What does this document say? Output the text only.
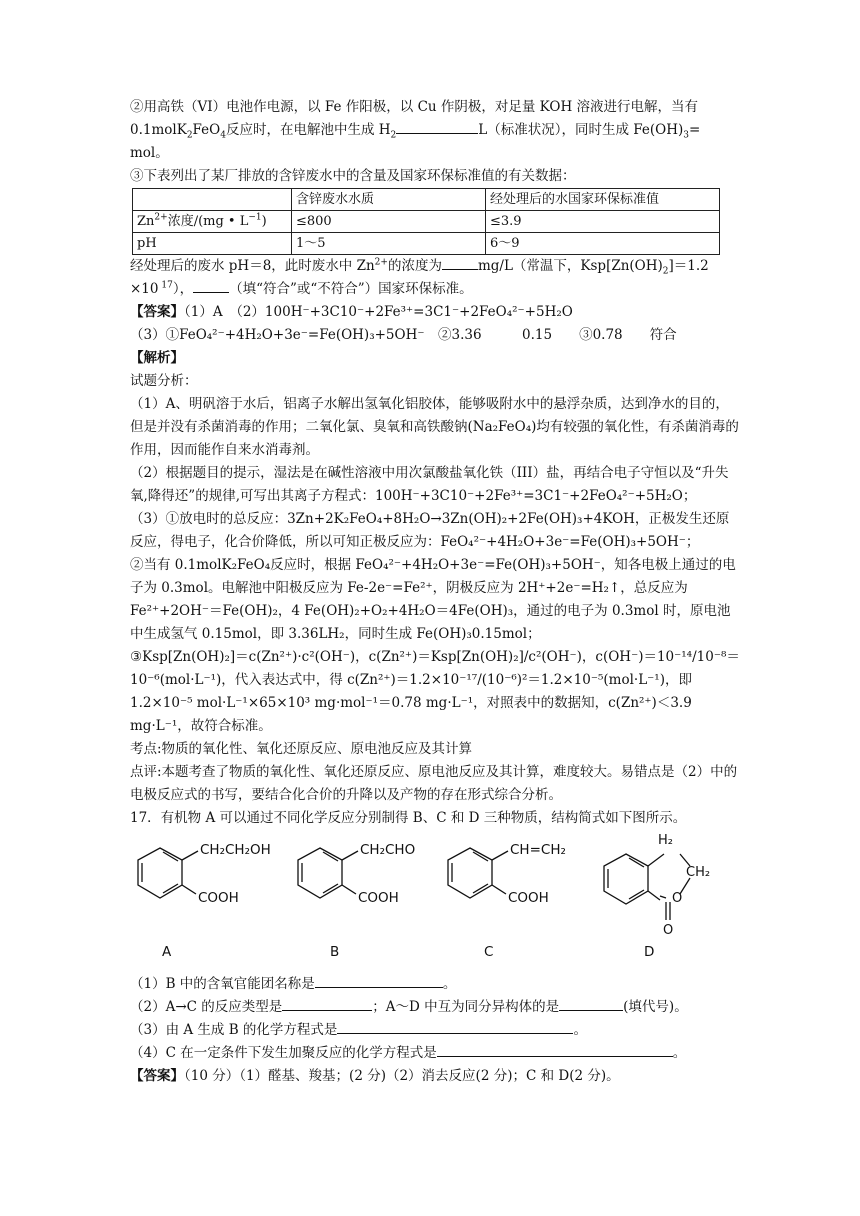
②用高铁（VI）电池作电源，以 Fe 作阳极，以 Cu 作阴极，对足量 KOH 溶液进行电解，当有
0.1molK$_2$FeO$_4$反应时，在电解池中生成 $H_2$	L（标准状况），同时生成 $Fe(OH)_3=$
mol。
③下表列出了某厂排放的含锌废水中的含量及国家环保标准值的有关数据：
	含锌废水水质	经处理后的水国家环保标准值
$Zn^{2+}$浓度/(mg • $L^{-1}$)	≤800	≤3.9
pH	1～5	6～9
经处理后的废水 pH＝8，此时废水中 $Zn^{2+}$的浓度为	mg/L（常温下，$Ksp[Zn(OH)_2]=1.2$
×10 $^{17}$），	（填“符合”或“不符合”）国家环保标准。
【答案】（1）A　（2）100H⁻+3C10⁻+2Fe³⁺=3C1⁻+2FeO₄²⁻+5H₂O
（3）①FeO₄²⁻+4H₂O+3e⁻=Fe(OH)₃+5OH⁻　②3.36　　　0.15　　③0.78　　符合
【解析】
试题分析：
（1）A、明矾溶于水后，铝离子水解出氢氧化铝胶体，能够吸附水中的悬浮杂质，达到净水的目的，但是并没有杀菌消毒的作用；二氧化氯、臭氧和高铁酸钠(Na₂FeO₄)均有较强的氧化性，有杀菌消毒的作用，因而能作自来水消毒剂。
（2）根据题目的提示，湿法是在碱性溶液中用次氯酸盐氧化铁（III）盐，再结合电子守恒以及“升失氧,降得还”的规律,可写出其离子方程式：100H⁻+3C10⁻+2Fe³⁺=3C1⁻+2FeO₄²⁻+5H₂O；
（3）①放电时的总反应：3Zn+2K₂FeO₄+8H₂O→3Zn(OH)₂+2Fe(OH)₃+4KOH，正极发生还原反应，得电子，化合价降低，所以可知正极反应为：FeO₄²⁻+4H₂O+3e⁻=Fe(OH)₃+5OH⁻；
②当有 0.1molK₂FeO₄反应时，根据 FeO₄²⁻+4H₂O+3e⁻=Fe(OH)₃+5OH⁻，知各电极上通过的电子为 0.3mol。电解池中阳极反应为 Fe-2e⁻=Fe²⁺，阴极反应为 2H⁺+2e⁻=H₂↑，总反应为 Fe²⁺+2OH⁻＝Fe(OH)₂，4 Fe(OH)₂+O₂+4H₂O＝4Fe(OH)₃，通过的电子为 0.3mol 时，原电池中生成氢气 0.15mol，即 3.36LH₂，同时生成 Fe(OH)₃0.15mol；
③Ksp[Zn(OH)₂]＝c(Zn²⁺)·c²(OH⁻)，c(Zn²⁺)＝Ksp[Zn(OH)₂]/c²(OH⁻)，c(OH⁻)＝10⁻¹⁴/10⁻⁸＝10⁻⁶(mol·L⁻¹)，代入表达式中，得 c(Zn²⁺)＝1.2×10⁻¹⁷/(10⁻⁶)²＝1.2×10⁻⁵(mol·L⁻¹)，即 1.2×10⁻⁵ mol·L⁻¹×65×10³ mg·mol⁻¹＝0.78 mg·L⁻¹，对照表中的数据知，c(Zn²⁺)＜3.9 mg·L⁻¹，故符合标准。
考点:物质的氧化性、氧化还原反应、原电池反应及其计算
点评:本题考查了物质的氧化性、氧化还原反应、原电池反应及其计算，难度较大。易错点是（2）中的电极反应式的书写，要结合化合价的升降以及产物的存在形式综合分析。
17．有机物 A 可以通过不同化学反应分别制得 B、C 和 D 三种物质，结构简式如下图所示。
CH₂CH₂OH
COOH
CH₂CHO
COOH
CH=CH₂
COOH
H₂
CH₂
O
O
A	B	C	D
（1）B 中的含氧官能团名称是	。
（2）A→C 的反应类型是	；A～D 中互为同分异构体的是	(填代号)。
（3）由 A 生成 B 的化学方程式是	。
（4）C 在一定条件下发生加聚反应的化学方程式是	。
【答案】（10 分）（1）醛基、羧基；(2 分)（2）消去反应(2 分)；C 和 D(2 分)。
